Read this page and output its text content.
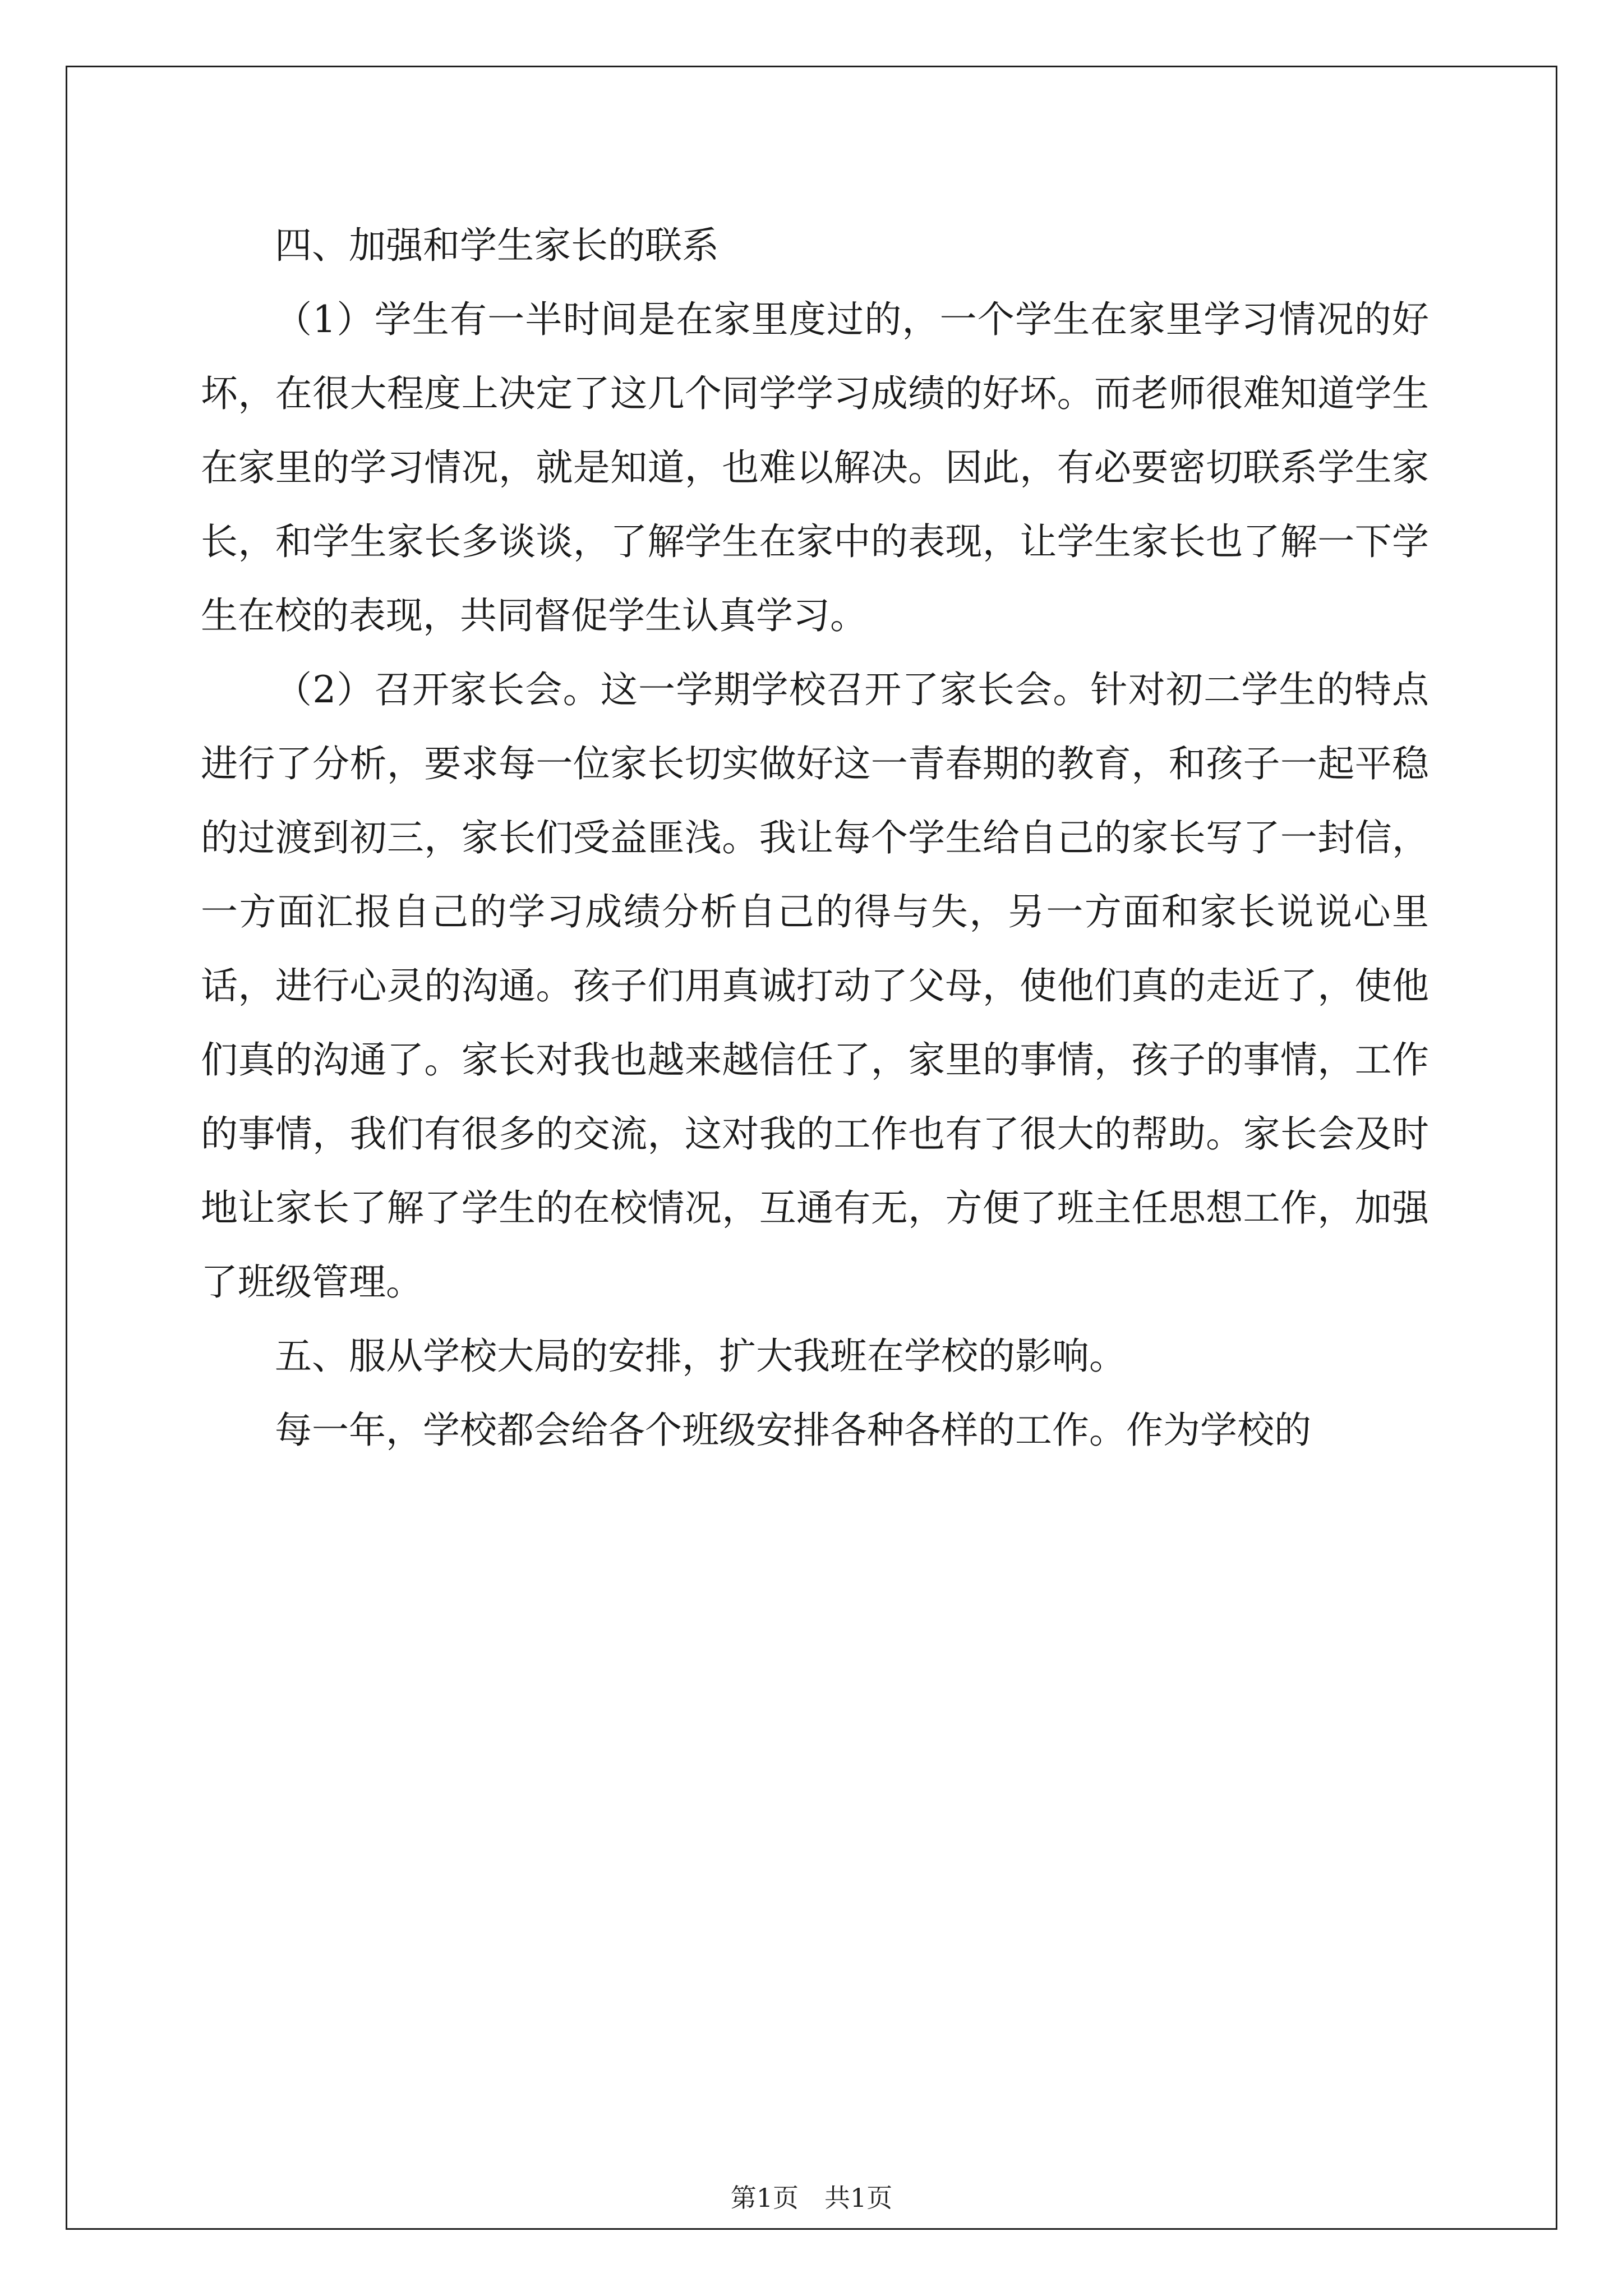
四、加强和学生家长的联系

（1）学生有一半时间是在家里度过的，一个学生在家里学习情况的好坏，在很大程度上决定了这几个同学学习成绩的好坏。而老师很难知道学生在家里的学习情况，就是知道，也难以解决。因此，有必要密切联系学生家长，和学生家长多谈谈，了解学生在家中的表现，让学生家长也了解一下学生在校的表现，共同督促学生认真学习。

（2）召开家长会。这一学期学校召开了家长会。针对初二学生的特点进行了分析，要求每一位家长切实做好这一青春期的教育，和孩子一起平稳的过渡到初三，家长们受益匪浅。我让每个学生给自己的家长写了一封信，一方面汇报自己的学习成绩分析自己的得与失，另一方面和家长说说心里话，进行心灵的沟通。孩子们用真诚打动了父母，使他们真的走近了，使他们真的沟通了。家长对我也越来越信任了，家里的事情，孩子的事情，工作的事情，我们有很多的交流，这对我的工作也有了很大的帮助。家长会及时地让家长了解了学生的在校情况，互通有无，方便了班主任思想工作，加强了班级管理。

五、服从学校大局的安排，扩大我班在学校的影响。

每一年，学校都会给各个班级安排各种各样的工作。作为学校的

第1页　共1页
